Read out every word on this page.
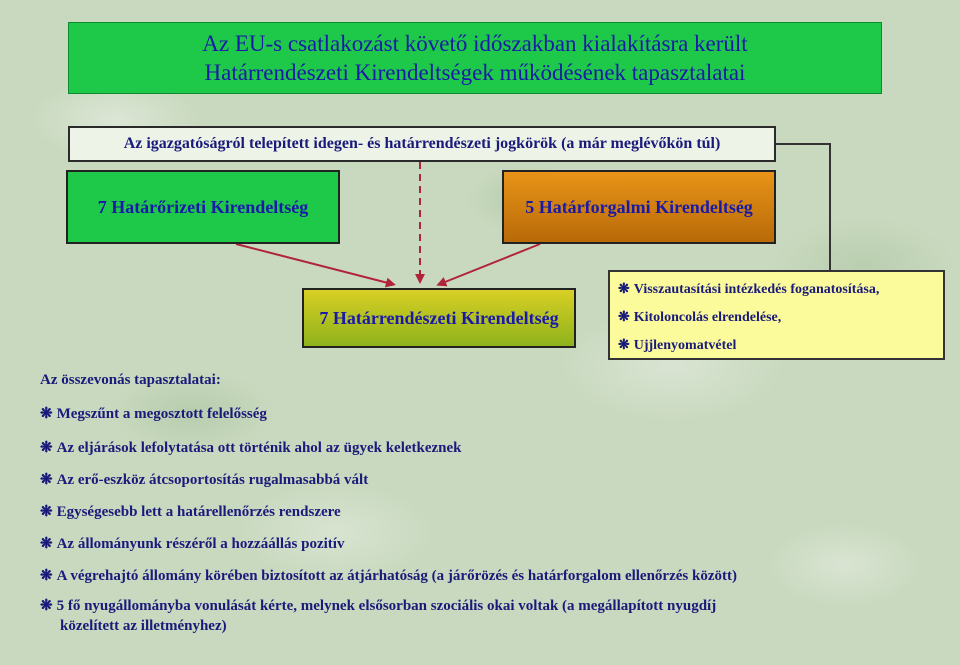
Az EU-s csatlakozást követő időszakban kialakításra került
Határrendészeti Kirendeltségek működésének tapasztalatai
Az igazgatóságról telepített idegen- és határrendészeti jogkörök (a már meglévőkön túl)
7 Határőrizeti Kirendeltség	5 Határforgalmi Kirendeltség
7 Határrendészeti Kirendeltség
❋ Visszautasítási intézkedés foganatosítása,
❋ Kitoloncolás elrendelése,
❋ Ujjlenyomatvétel
Az összevonás tapasztalatai:
❋ Megszűnt a megosztott felelősség
❋ Az eljárások lefolytatása ott történik ahol az ügyek keletkeznek
❋ Az erő-eszköz átcsoportosítás rugalmasabbá vált
❋ Egységesebb lett a határellenőrzés rendszere
❋ Az állományunk részéről a hozzáállás pozitív
❋ A végrehajtó állomány körében biztosított az átjárhatóság (a járőrözés és határforgalom ellenőrzés között)
❋ 5 fő nyugállományba vonulását kérte, melynek elsősorban szociális okai voltak (a megállapított nyugdíj
közelített az illetményhez)
